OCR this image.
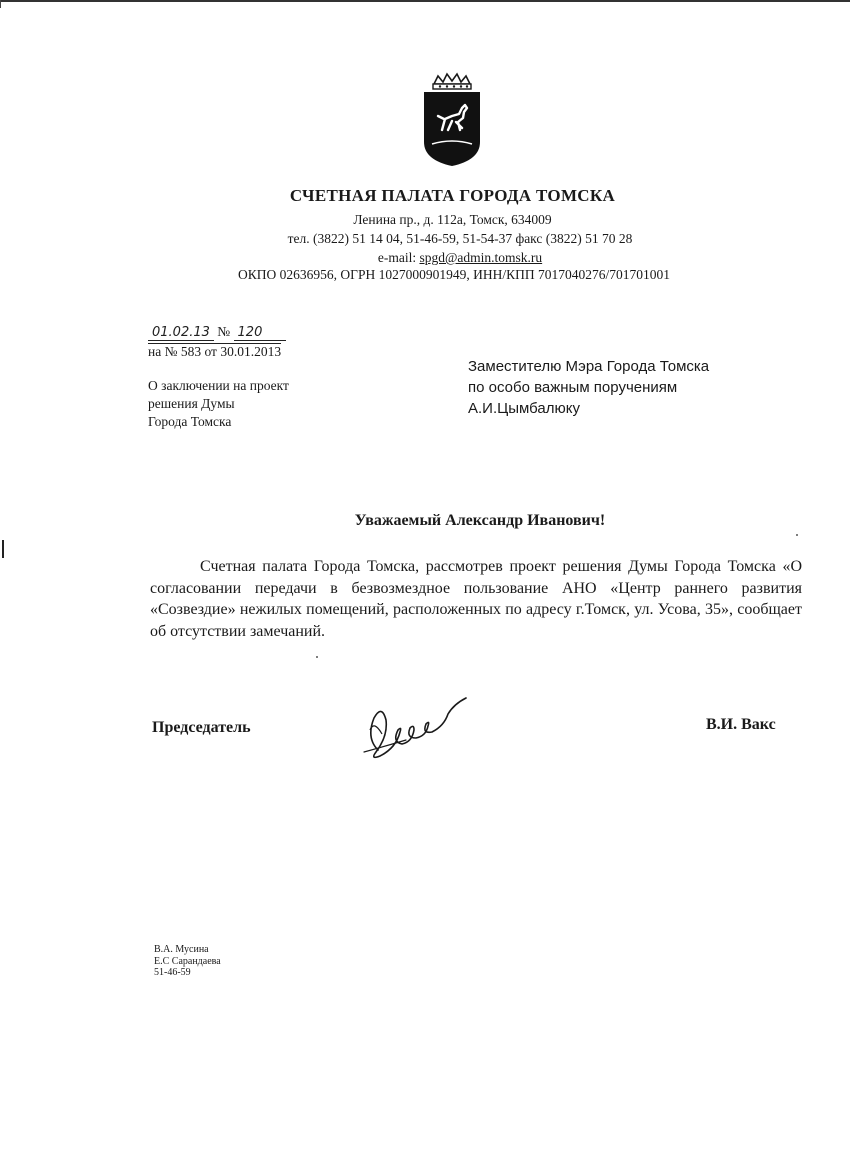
СЧЕТНАЯ ПАЛАТА ГОРОДА ТОМСКА
Ленина пр., д. 112а, Томск, 634009
тел. (3822) 51 14 04, 51-46-59, 51-54-37 факс (3822) 51 70 28
e-mail: spgd@admin.tomsk.ru
ОКПО 02636956, ОГРН 1027000901949, ИНН/КПП 7017040276/701701001
01.02.13 № 120
на № 583 от 30.01.2013
О заключении на проект
решения Думы
Города Томска
Заместителю Мэра Города Томска
по особо важным поручениям
А.И.Цымбалюку
Уважаемый Александр Иванович!
Счетная палата Города Томска, рассмотрев проект решения Думы Города Томска «О согласовании передачи в безвозмездное пользование АНО «Центр раннего развития «Созвездие» нежилых помещений, расположенных по адресу г.Томск, ул. Усова, 35», сообщает об отсутствии замечаний.
Председатель	В.И. Вакс
В.А. Мусина
Е.С Сарандаева
51-46-59
